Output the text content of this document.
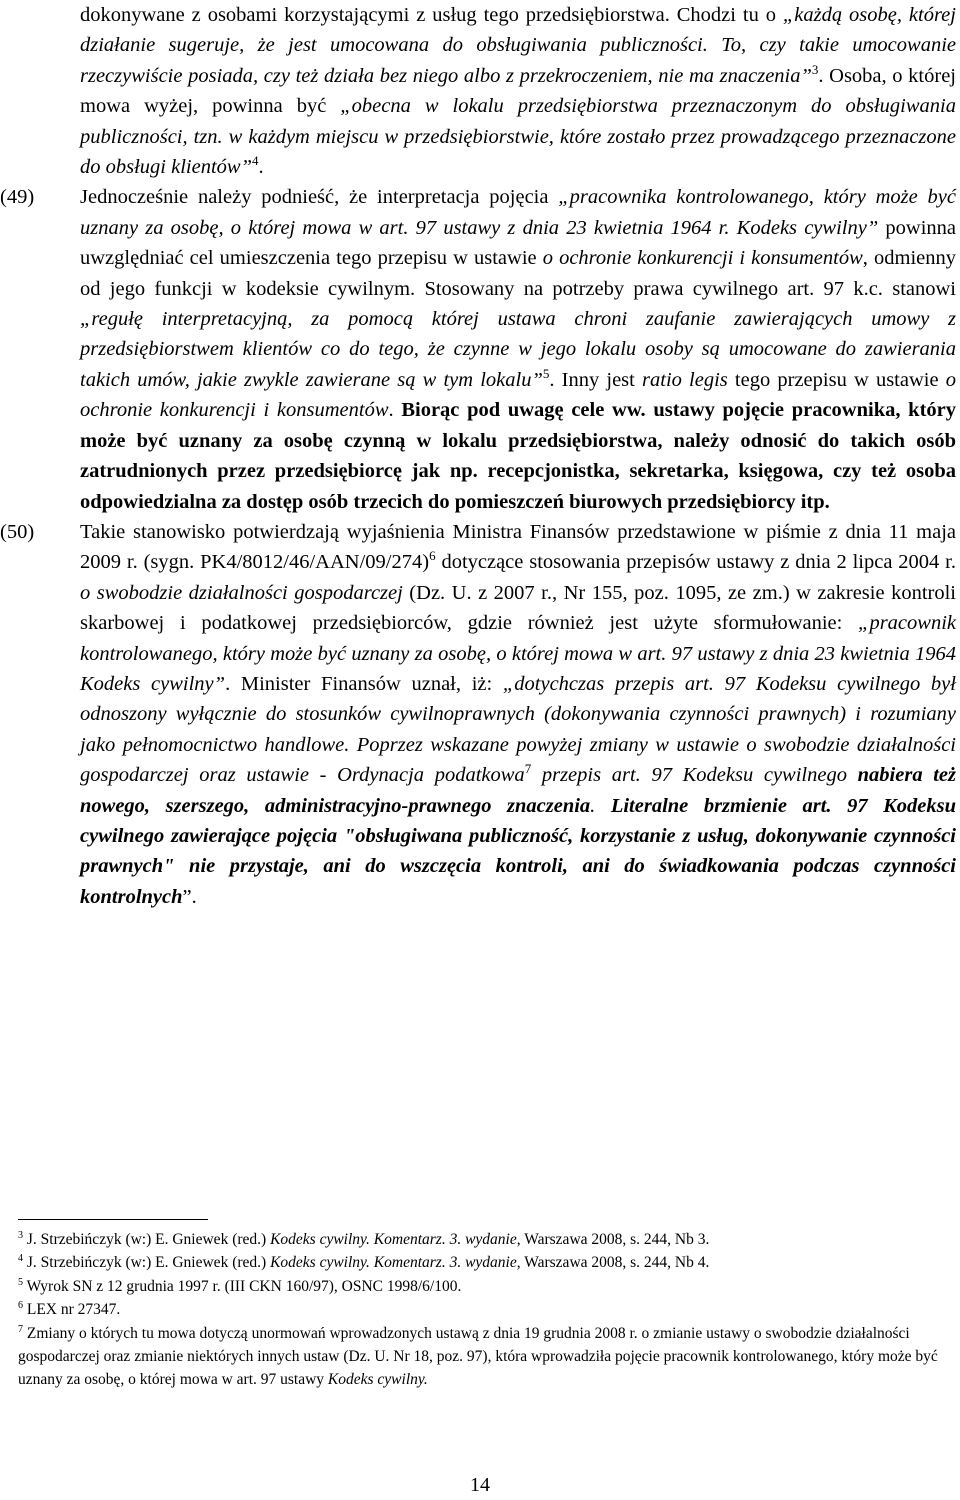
dokonywane z osobami korzystającymi z usług tego przedsiębiorstwa. Chodzi tu o „każdą osobę, której działanie sugeruje, że jest umocowana do obsługiwania publiczności. To, czy takie umocowanie rzeczywiście posiada, czy też działa bez niego albo z przekroczeniem, nie ma znaczenia”$^3$. Osoba, o której mowa wyżej, powinna być „obecna w lokalu przedsiębiorstwa przeznaczonym do obsługiwania publiczności, tzn. w każdym miejscu w przedsiębiorstwie, które zostało przez prowadzącego przeznaczone do obsługi klientów”$^4$.

(49) Jednocześnie należy podnieść, że interpretacja pojęcia „pracownika kontrolowanego, który może być uznany za osobę, o której mowa w art. 97 ustawy z dnia 23 kwietnia 1964 r. Kodeks cywilny” powinna uwzględniać cel umieszczenia tego przepisu w ustawie o ochronie konkurencji i konsumentów, odmienny od jego funkcji w kodeksie cywilnym. Stosowany na potrzeby prawa cywilnego art. 97 k.c. stanowi „regułę interpretacyjną, za pomocą której ustawa chroni zaufanie zawierających umowy z przedsiębiorstwem klientów co do tego, że czynne w jego lokalu osoby są umocowane do zawierania takich umów, jakie zwykle zawierane są w tym lokalu”$^5$. Inny jest ratio legis tego przepisu w ustawie o ochronie konkurencji i konsumentów. Biorąc pod uwagę cele ww. ustawy pojęcie pracownika, który może być uznany za osobę czynną w lokalu przedsiębiorstwa, należy odnosić do takich osób zatrudnionych przez przedsiębiorcę jak np. recepcjonistka, sekretarka, księgowa, czy też osoba odpowiedzialna za dostęp osób trzecich do pomieszczeń biurowych przedsiębiorcy itp.

(50) Takie stanowisko potwierdzają wyjaśnienia Ministra Finansów przedstawione w piśmie z dnia 11 maja 2009 r. (sygn. PK4/8012/46/AAN/09/274)$^6$ dotyczące stosowania przepisów ustawy z dnia 2 lipca 2004 r. o swobodzie działalności gospodarczej (Dz. U. z 2007 r., Nr 155, poz. 1095, ze zm.) w zakresie kontroli skarbowej i podatkowej przedsiębiorców, gdzie również jest użyte sformułowanie: „pracownik kontrolowanego, który może być uznany za osobę, o której mowa w art. 97 ustawy z dnia 23 kwietnia 1964 Kodeks cywilny”. Minister Finansów uznał, iż: „dotychczas przepis art. 97 Kodeksu cywilnego był odnoszony wyłącznie do stosunków cywilnoprawnych (dokonywania czynności prawnych) i rozumiany jako pełnomocnictwo handlowe. Poprzez wskazane powyżej zmiany w ustawie o swobodzie działalności gospodarczej oraz ustawie - Ordynacja podatkowa$^7$ przepis art. 97 Kodeksu cywilnego nabiera też nowego, szerszego, administracyjno-prawnego znaczenia. Literalne brzmienie art. 97 Kodeksu cywilnego zawierające pojęcia "obsługiwana publiczność, korzystanie z usług, dokonywanie czynności prawnych" nie przystaje, ani do wszczęcia kontroli, ani do świadkowania podczas czynności kontrolnych”.

$^3$ J. Strzebińczyk (w:) E. Gniewek (red.) Kodeks cywilny. Komentarz. 3. wydanie, Warszawa 2008, s. 244, Nb 3.

$^4$ J. Strzebińczyk (w:) E. Gniewek (red.) Kodeks cywilny. Komentarz. 3. wydanie, Warszawa 2008, s. 244, Nb 4.

$^5$ Wyrok SN z 12 grudnia 1997 r. (III CKN 160/97), OSNC 1998/6/100.

$^6$ LEX nr 27347.

$^7$ Zmiany o których tu mowa dotyczą unormowań wprowadzonych ustawą z dnia 19 grudnia 2008 r. o zmianie ustawy o swobodzie działalności gospodarczej oraz zmianie niektórych innych ustaw (Dz. U. Nr 18, poz. 97), która wprowadziła pojęcie pracownik kontrolowanego, który może być uznany za osobę, o której mowa w art. 97 ustawy Kodeks cywilny.

14
